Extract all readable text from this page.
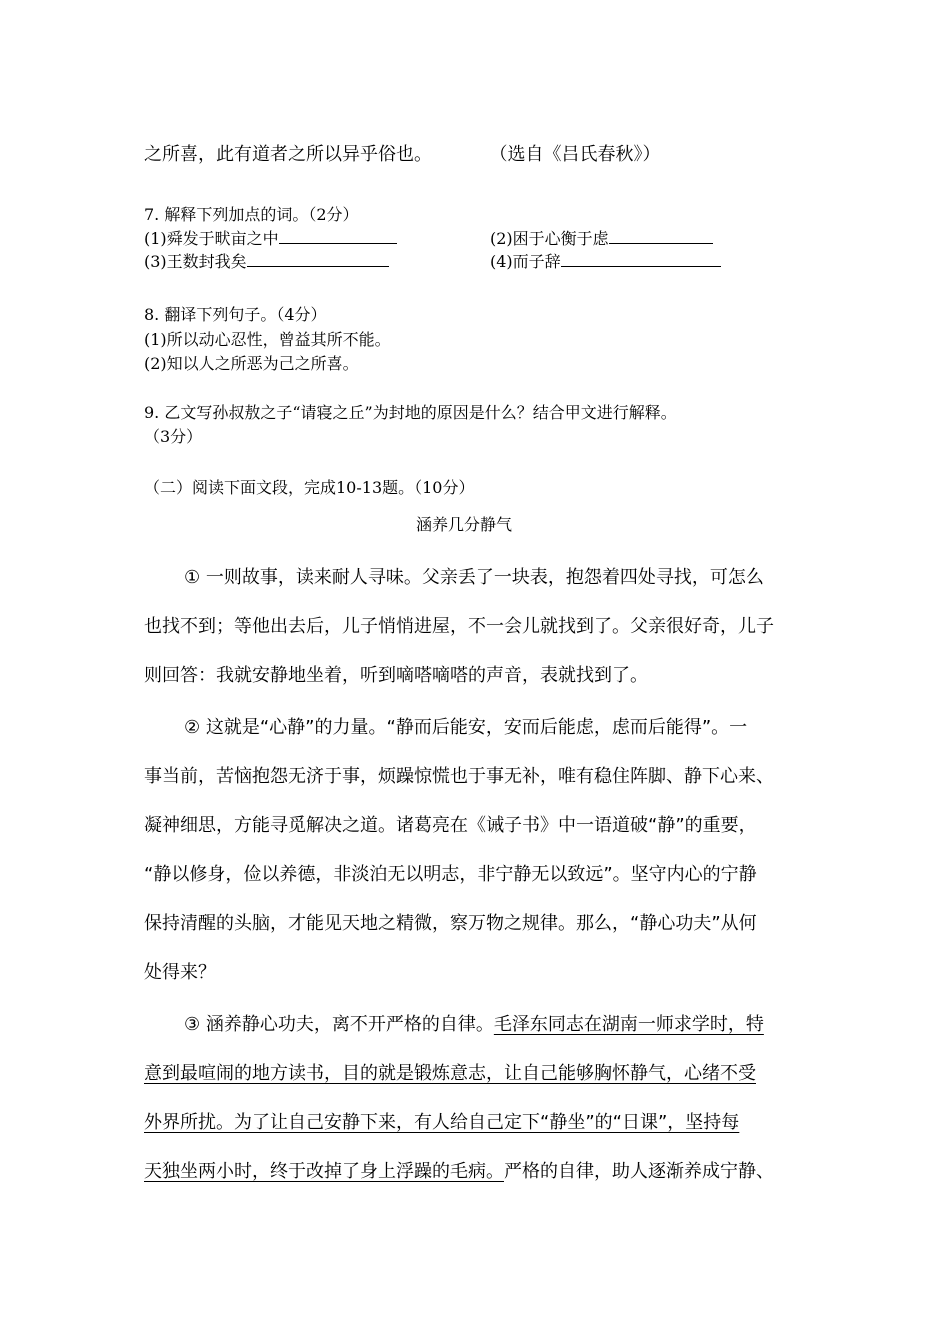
之所喜，此有道者之所以异乎俗也。	（选自《吕氏春秋》）
7. 解释下列加点的词。（2分）
(1)舜发于畎亩之中	(2)困于心衡于虑
(3)王数封我矣	(4)而子辞
8. 翻译下列句子。（4分）
(1)所以动心忍性，曾益其所不能。
(2)知以人之所恶为己之所喜。
9. 乙文写孙叔敖之子“请寝之丘”为封地的原因是什么？结合甲文进行解释。
（3分）
（二）阅读下面文段，完成10-13题。（10分）
涵养几分静气
① 一则故事，读来耐人寻味。父亲丢了一块表，抱怨着四处寻找，可怎么
也找不到；等他出去后，儿子悄悄进屋，不一会儿就找到了。父亲很好奇，儿子
则回答：我就安静地坐着，听到嘀嗒嘀嗒的声音，表就找到了。
② 这就是“心静”的力量。“静而后能安，安而后能虑，虑而后能得”。一
事当前，苦恼抱怨无济于事，烦躁惊慌也于事无补，唯有稳住阵脚、静下心来、
凝神细思，方能寻觅解决之道。诸葛亮在《诫子书》中一语道破“静”的重要，
“静以修身，俭以养德，非淡泊无以明志，非宁静无以致远”。坚守内心的宁静
保持清醒的头脑，才能见天地之精微，察万物之规律。那么，“静心功夫”从何
处得来？
③ 涵养静心功夫，离不开严格的自律。毛泽东同志在湖南一师求学时，特
意到最喧闹的地方读书，目的就是锻炼意志，让自己能够胸怀静气，心绪不受
外界所扰。为了让自己安静下来，有人给自己定下“静坐”的“日课”，坚持每
天独坐两小时，终于改掉了身上浮躁的毛病。严格的自律，助人逐渐养成宁静、
